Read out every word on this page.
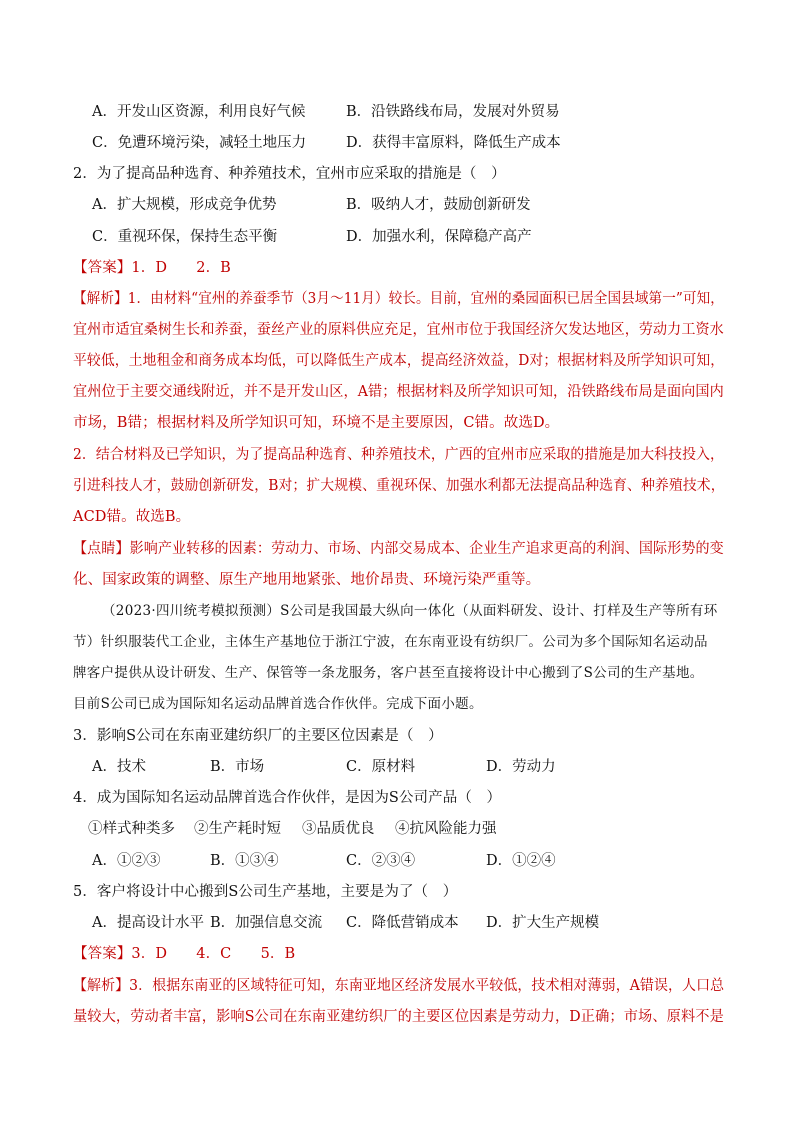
A．开发山区资源，利用良好气候	B．沿铁路线布局，发展对外贸易
C．免遭环境污染，减轻土地压力	D．获得丰富原料，降低生产成本
2．为了提高品种选育、种养殖技术，宜州市应采取的措施是（　）
A．扩大规模，形成竞争优势	B．吸纳人才，鼓励创新研发
C．重视环保，保持生态平衡	D．加强水利，保障稳产高产
【答案】1．D　　2．B
【解析】1．由材料“宜州的养蚕季节（3月～11月）较长。目前，宜州的桑园面积已居全国县域第一”可知，
宜州市适宜桑树生长和养蚕，蚕丝产业的原料供应充足，宜州市位于我国经济欠发达地区，劳动力工资水
平较低，土地租金和商务成本均低，可以降低生产成本，提高经济效益，D对；根据材料及所学知识可知，
宜州位于主要交通线附近，并不是开发山区，A错；根据材料及所学知识可知，沿铁路线布局是面向国内
市场，B错；根据材料及所学知识可知，环境不是主要原因，C错。故选D。
2．结合材料及已学知识，为了提高品种选育、种养殖技术，广西的宜州市应采取的措施是加大科技投入，
引进科技人才，鼓励创新研发，B对；扩大规模、重视环保、加强水利都无法提高品种选育、种养殖技术，
ACD错。故选B。
【点睛】影响产业转移的因素：劳动力、市场、内部交易成本、企业生产追求更高的利润、国际形势的变
化、国家政策的调整、原生产地用地紧张、地价昂贵、环境污染严重等。
（2023·四川统考模拟预测）S公司是我国最大纵向一体化（从面料研发、设计、打样及生产等所有环
节）针织服装代工企业，主体生产基地位于浙江宁波，在东南亚设有纺织厂。公司为多个国际知名运动品
牌客户提供从设计研发、生产、保管等一条龙服务，客户甚至直接将设计中心搬到了S公司的生产基地。
目前S公司已成为国际知名运动品牌首选合作伙伴。完成下面小题。
3．影响S公司在东南亚建纺织厂的主要区位因素是（　）
A．技术	B．市场	C．原材料	D．劳动力
4．成为国际知名运动品牌首选合作伙伴，是因为S公司产品（　）
①样式种类多 ②生产耗时短 ③品质优良 ④抗风险能力强
A．①②③	B．①③④	C．②③④	D．①②④
5．客户将设计中心搬到S公司生产基地，主要是为了（　）
A．提高设计水平 B．加强信息交流 C．降低营销成本 D．扩大生产规模
【答案】3．D　　4．C　　5．B
【解析】3．根据东南亚的区域特征可知，东南亚地区经济发展水平较低，技术相对薄弱，A错误，人口总
量较大，劳动者丰富，影响S公司在东南亚建纺织厂的主要区位因素是劳动力，D正确；市场、原料不是
